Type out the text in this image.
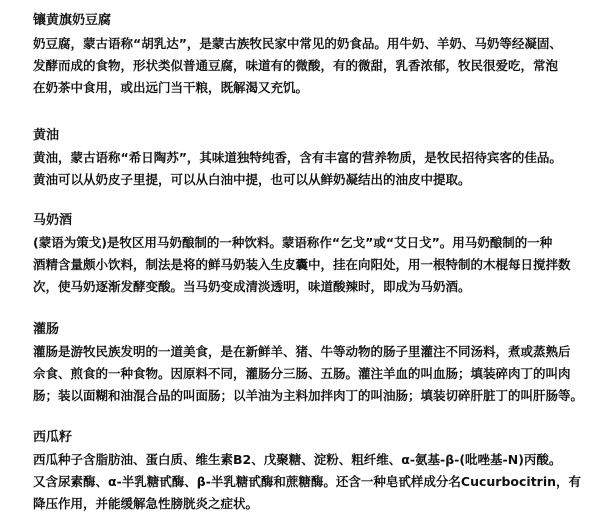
镶黄旗奶豆腐
奶豆腐，蒙古语称“胡乳达”，是蒙古族牧民家中常见的奶食品。用牛奶、羊奶、马奶等经凝固、
发酵而成的食物，形状类似普通豆腐，味道有的微酸，有的微甜，乳香浓郁，牧民很爱吃，常泡
在奶茶中食用，或出远门当干粮，既解渴又充饥。
黄油
黄油，蒙古语称“希日陶苏”，其味道独特纯香，含有丰富的营养物质，是牧民招待宾客的佳品。
黄油可以从奶皮子里提，可以从白油中提，也可以从鲜奶凝结出的油皮中提取。
马奶酒
(蒙语为策戈)是牧区用马奶酿制的一种饮料。蒙语称作“乞戈”或“艾日戈”。用马奶酿制的一种
酒精含量颇小饮料，制法是将的鲜马奶装入生皮囊中，挂在向阳处，用一根特制的木棍每日搅拌数
次，使马奶逐渐发酵变酸。当马奶变成清淡透明，味道酸辣时，即成为马奶酒。
灌肠
灌肠是游牧民族发明的一道美食，是在新鲜羊、猪、牛等动物的肠子里灌注不同汤料，煮或蒸熟后
佘食、煎食的一种食物。因原料不同，灌肠分三肠、五肠。灌注羊血的叫血肠；填装碎肉丁的叫肉
肠；装以面糊和油混合品的叫面肠；以羊油为主料加拌肉丁的叫油肠；填装切碎肝脏丁的叫肝肠等。
西瓜籽
西瓜种子含脂肪油、蛋白质、维生素B2、戊聚糖、淀粉、粗纤维、α-氨基-β-(吡唑基-N)丙酸。
又含尿素酶、α-半乳糖甙酶、β-半乳糖甙酶和蔗糖酶。还含一种皂甙样成分名Cucurbocitrin，有
降压作用，并能缓解急性膀胱炎之症状。
